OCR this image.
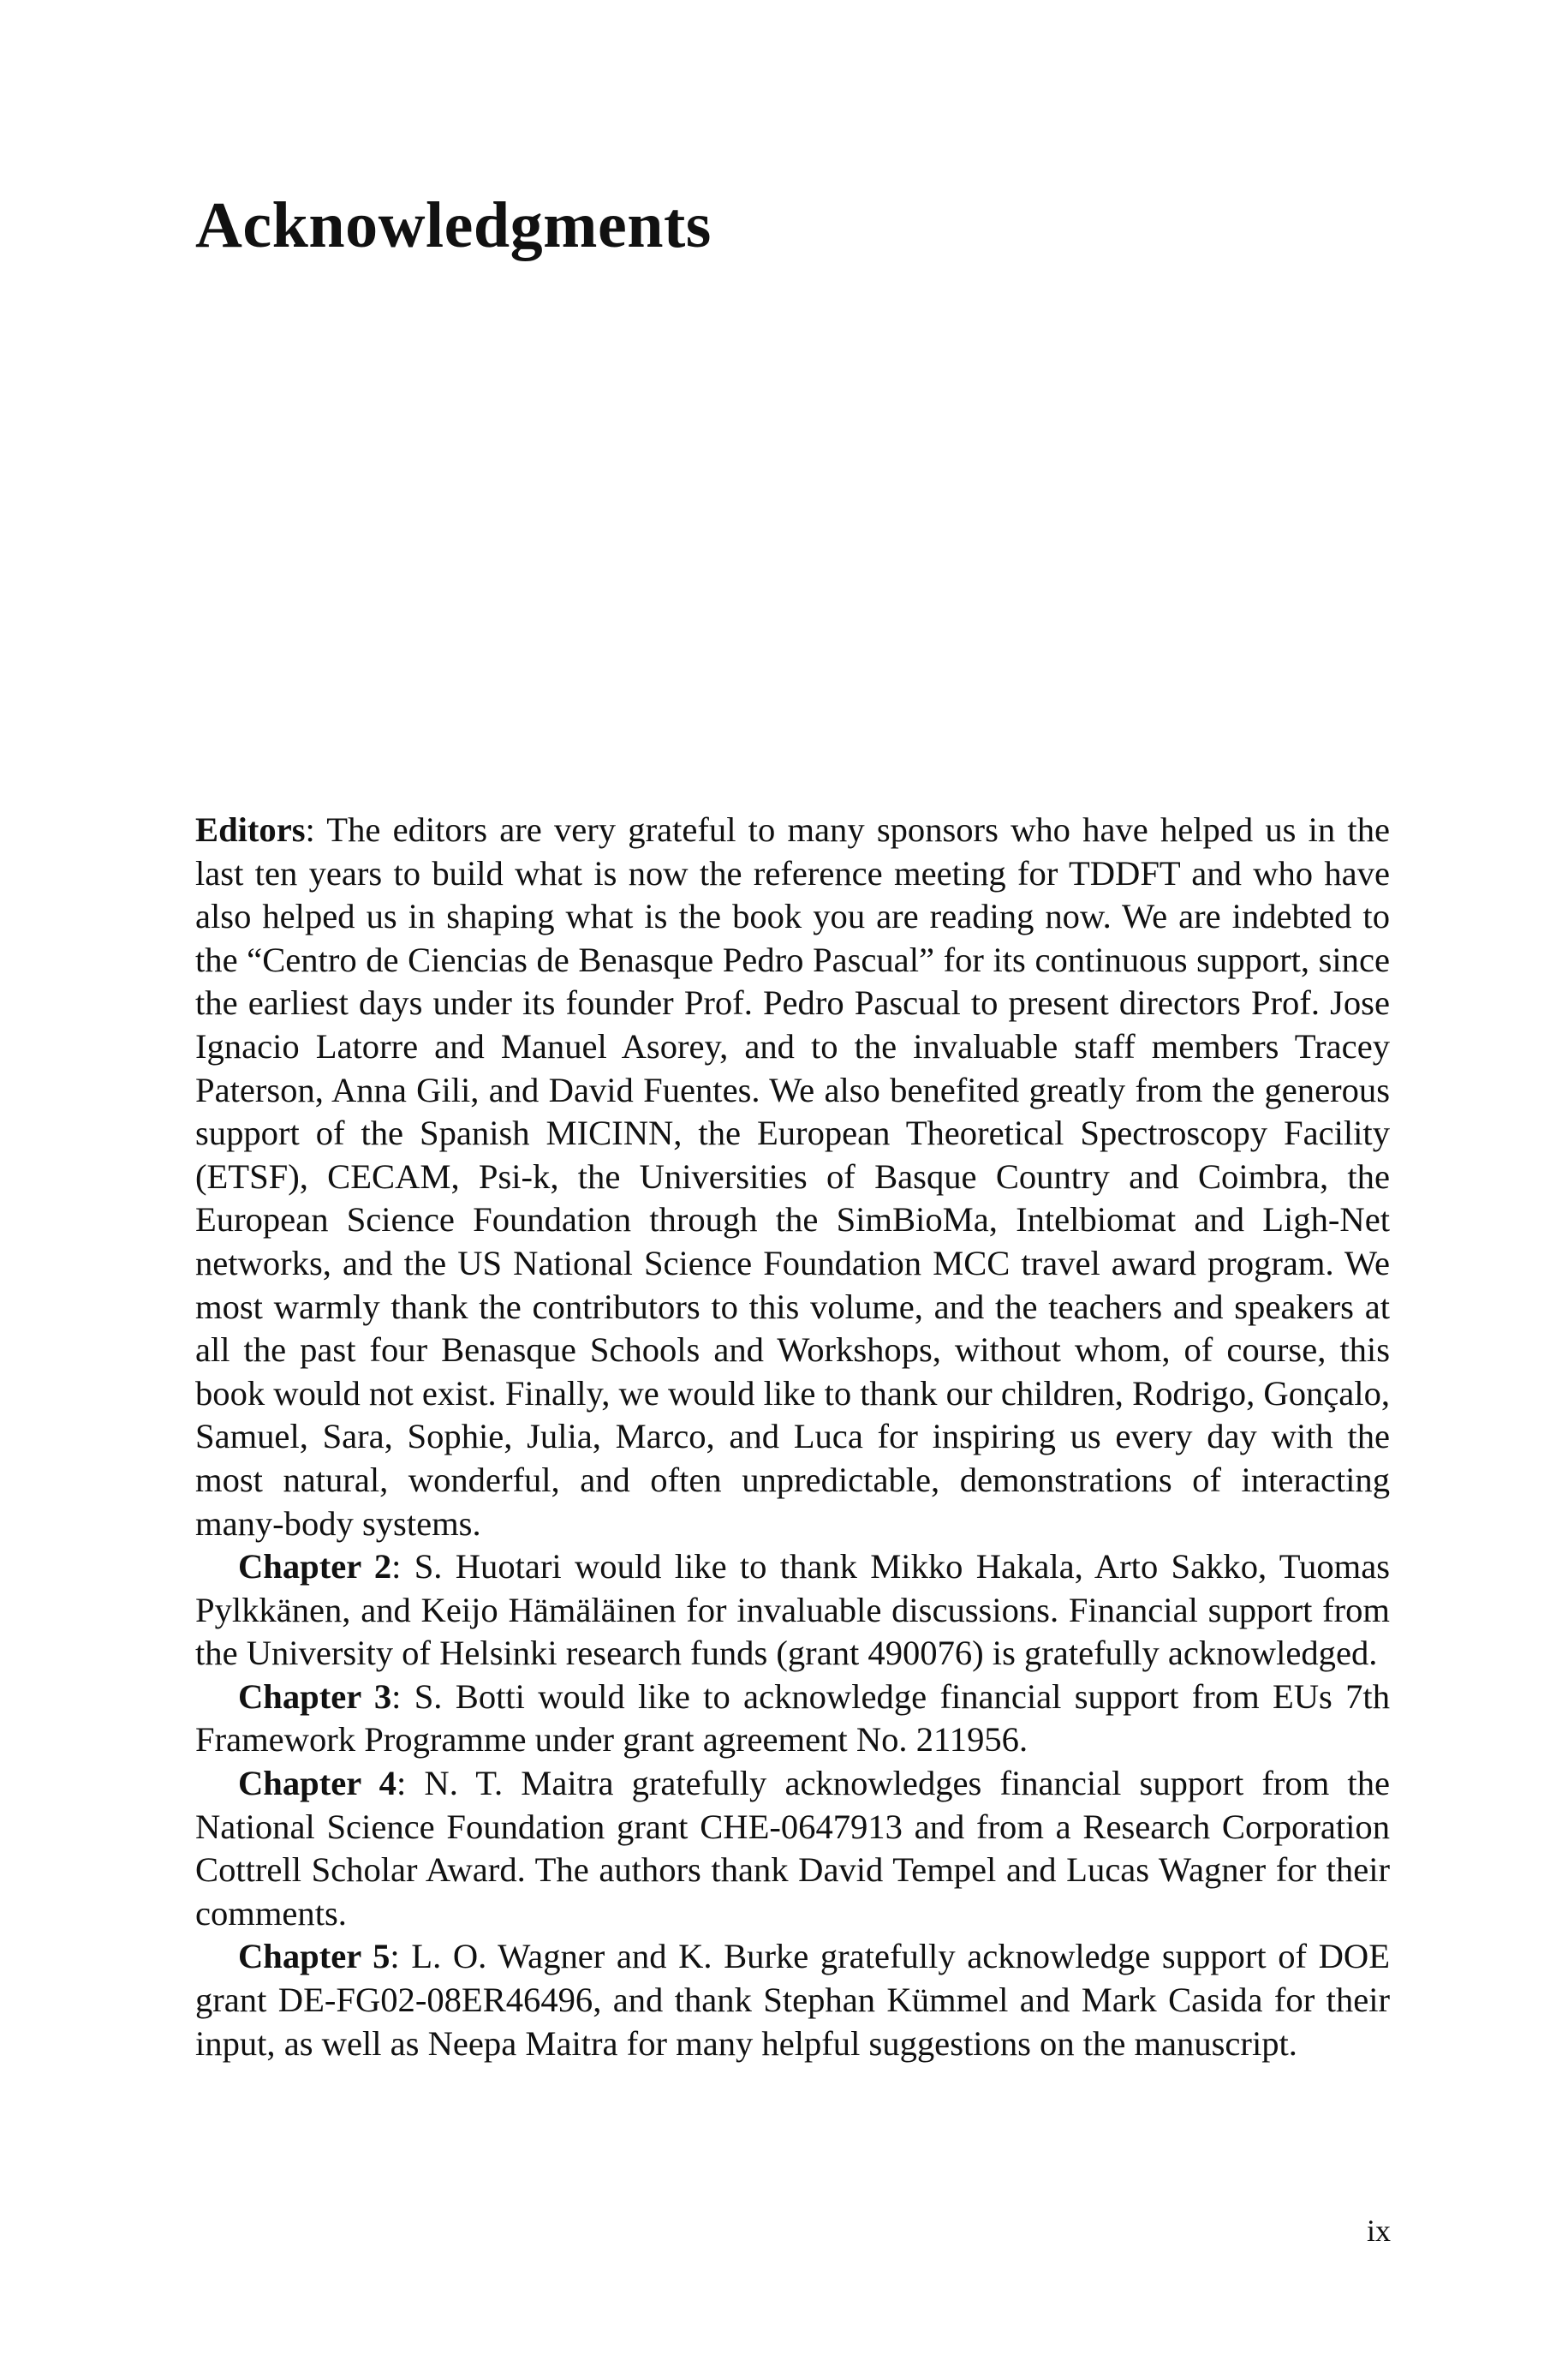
Acknowledgments

Editors: The editors are very grateful to many sponsors who have helped us in the last ten years to build what is now the reference meeting for TDDFT and who have also helped us in shaping what is the book you are reading now. We are indebted to the “Centro de Ciencias de Benasque Pedro Pascual” for its continuous support, since the earliest days under its founder Prof. Pedro Pascual to present directors Prof. Jose Ignacio Latorre and Manuel Asorey, and to the invaluable staff members Tracey Paterson, Anna Gili, and David Fuentes. We also benefited greatly from the generous support of the Spanish MICINN, the European Theoretical Spectroscopy Facility (ETSF), CECAM, Psi-k, the Universities of Basque Country and Coimbra, the European Science Foundation through the SimBioMa, Intelbiomat and Ligh-Net networks, and the US National Science Foundation MCC travel award program. We most warmly thank the contributors to this volume, and the teachers and speakers at all the past four Benasque Schools and Workshops, without whom, of course, this book would not exist. Finally, we would like to thank our children, Rodrigo, Gonçalo, Samuel, Sara, Sophie, Julia, Marco, and Luca for inspiring us every day with the most natural, wonderful, and often unpredictable, demonstrations of interacting many-body systems.

Chapter 2: S. Huotari would like to thank Mikko Hakala, Arto Sakko, Tuomas Pylkkänen, and Keijo Hämäläinen for invaluable discussions. Financial support from the University of Helsinki research funds (grant 490076) is gratefully acknowledged.

Chapter 3: S. Botti would like to acknowledge financial support from EUs 7th Framework Programme under grant agreement No. 211956.

Chapter 4: N. T. Maitra gratefully acknowledges financial support from the National Science Foundation grant CHE-0647913 and from a Research Corporation Cottrell Scholar Award. The authors thank David Tempel and Lucas Wagner for their comments.

Chapter 5: L. O. Wagner and K. Burke gratefully acknowledge support of DOE grant DE-FG02-08ER46496, and thank Stephan Kümmel and Mark Casida for their input, as well as Neepa Maitra for many helpful suggestions on the manuscript.

ix
